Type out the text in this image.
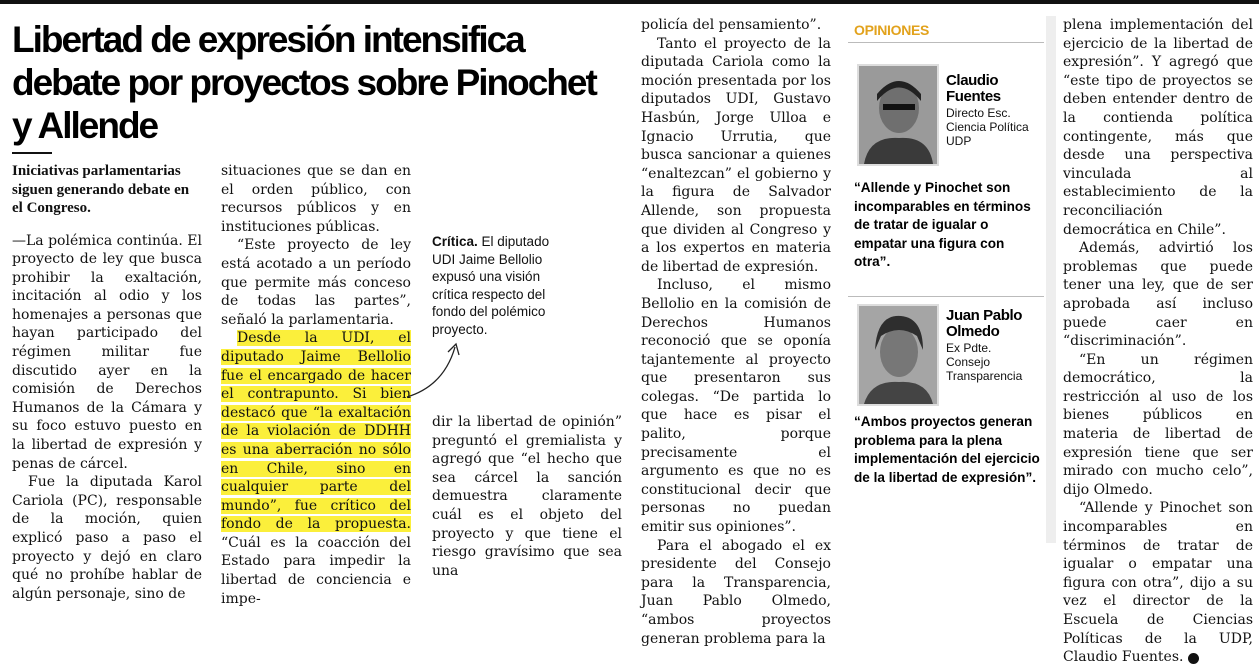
Libertad de expresión intensifica debate por proyectos sobre Pinochet y Allende

Iniciativas parlamentarias siguen generando debate en el Congreso.

—La polémica continúa. El proyecto de ley que busca prohibir la exaltación, incitación al odio y los homenajes a personas que hayan participado del régimen militar fue discutido ayer en la comisión de Derechos Humanos de la Cámara y su foco estuvo puesto en la libertad de expresión y penas de cárcel.

Fue la diputada Karol Cariola (PC), responsable de la moción, quien explicó paso a paso el proyecto y dejó en claro qué no prohíbe hablar de algún personaje, sino de

situaciones que se dan en el orden público, con recursos públicos y en instituciones públicas.

“Este proyecto de ley está acotado a un período que permite más conceso de todas las partes”, señaló la parlamentaria.

Desde la UDI, el diputado Jaime Bellolio fue el encargado de hacer el contrapunto. Si bien destacó que “la exaltación de la violación de DDHH es una aberración no sólo en Chile, sino en cualquier parte del mundo”, fue crítico del fondo de la propuesta. “Cuál es la coacción del Estado para impedir la libertad de conciencia e impe-

Crítica. El diputado UDI Jaime Bellolio expusó una visión crítica respecto del fondo del polémico proyecto.

dir la libertad de opinión” preguntó el gremialista y agregó que “el hecho que sea cárcel la sanción demuestra claramente cuál es el objeto del proyecto y que tiene el riesgo gravísimo que sea una

policía del pensamiento”.

Tanto el proyecto de la diputada Cariola como la moción presentada por los diputados UDI, Gustavo Hasbún, Jorge Ulloa e Ignacio Urrutia, que busca sancionar a quienes “enaltezcan” el gobierno y la figura de Salvador Allende, son propuesta que dividen al Congreso y a los expertos en materia de libertad de expresión.

Incluso, el mismo Bellolio en la comisión de Derechos Humanos reconoció que se oponía tajantemente al proyecto que presentaron sus colegas. “De partida lo que hace es pisar el palito, porque precisamente el argumento es que no es constitucional decir que personas no puedan emitir sus opiniones”.

Para el abogado el ex presidente del Consejo para la Transparencia, Juan Pablo Olmedo, “ambos proyectos generan problema para la

OPINIONES
Claudio
Fuentes
Directo Esc.
Ciencia Política
UDP
“Allende y Pinochet son incomparables en términos de tratar de igualar o empatar una figura con otra”.
Juan Pablo
Olmedo
Ex Pdte.
Consejo
Transparencia
“Ambos proyectos generan problema para la plena implementación del ejercicio de la libertad de expresión”.

plena implementación del ejercicio de la libertad de expresión”. Y agregó que “este tipo de proyectos se deben entender dentro de la contienda política contingente, más que desde una perspectiva vinculada al establecimiento de la reconciliación democrática en Chile”.

Además, advirtió los problemas que puede tener una ley, que de ser aprobada así incluso puede caer en “discriminación”.

“En un régimen democrático, la restricción al uso de los bienes públicos en materia de libertad de expresión tiene que ser mirado con mucho celo”, dijo Olmedo.

“Allende y Pinochet son incomparables en términos de tratar de igualar o empatar una figura con otra”, dijo a su vez el director de la Escuela de Ciencias Políticas de la UDP, Claudio Fuentes.	P
